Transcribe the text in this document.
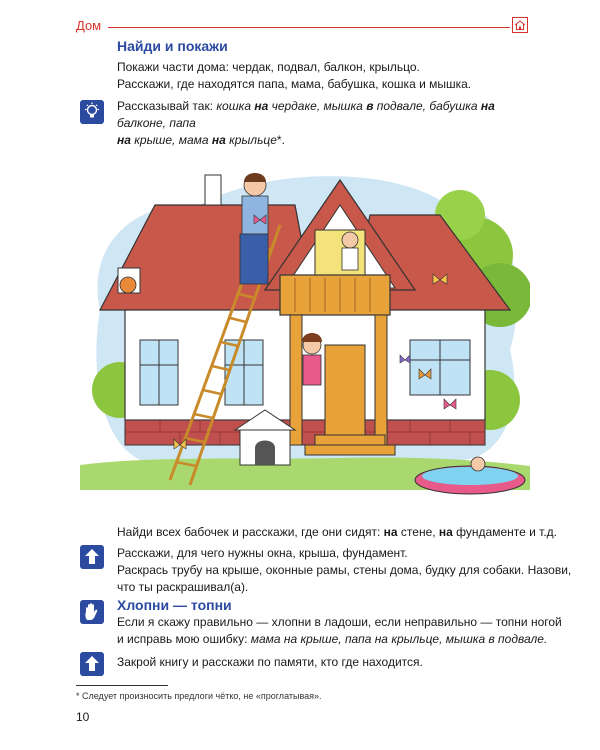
Дом
Найди и покажи
Покажи части дома: чердак, подвал, балкон, крыльцо.
Расскажи, где находятся папа, мама, бабушка, кошка и мышка.
Рассказывай так: кошка на чердаке, мышка в подвале, бабушка на балконе, папа
на крыше, мама на крыльце*.
Найди всех бабочек и расскажи, где они сидят: на стене, на фундаменте и т.д.
Расскажи, для чего нужны окна, крыша, фундамент.
Раскрась трубу на крыше, оконные рамы, стены дома, будку для собаки. Назови,
что ты раскрашивал(а).
Хлопни — топни
Если я скажу правильно — хлопни в ладоши, если неправильно — топни ногой
и исправь мою ошибку: мама на крыше, папа на крыльце, мышка в подвале.
Закрой книгу и расскажи по памяти, кто где находится.
* Следует произносить предлоги чётко, не «проглатывая».
10
